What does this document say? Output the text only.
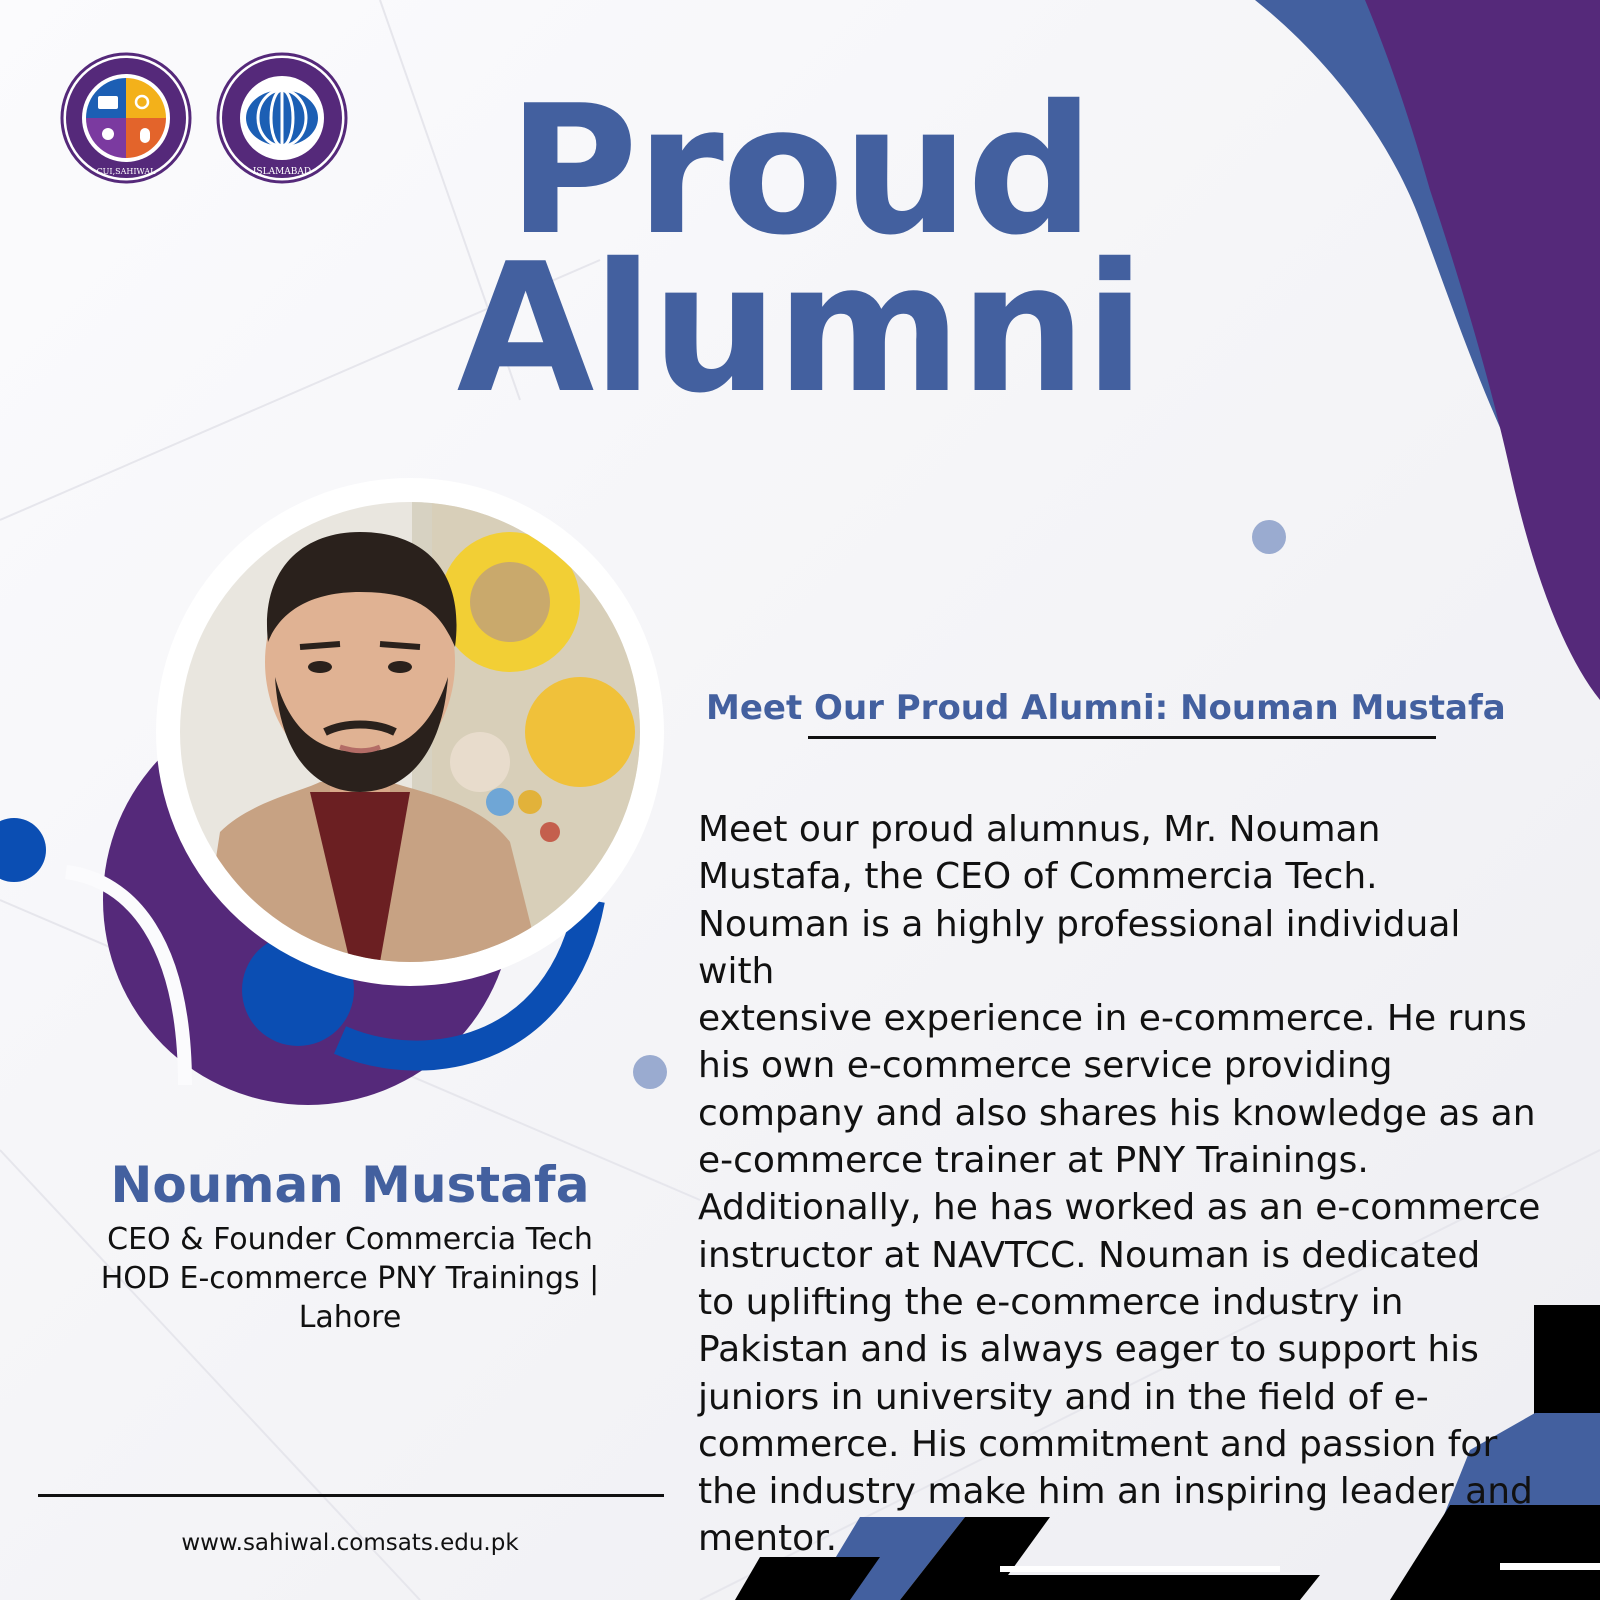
CUI,SAHIWAL	ISLAMABAD	Proud
Alumni
Meet Our Proud Alumni: Nouman Mustafa
Meet our proud alumnus, Mr. Nouman
Mustafa, the CEO of Commercia Tech.
Nouman is a highly professional individual with
extensive experience in e-commerce. He runs
his own e-commerce service providing
company and also shares his knowledge as an
e-commerce trainer at PNY Trainings.
Additionally, he has worked as an e-commerce
instructor at NAVTCC. Nouman is dedicated
to uplifting the e-commerce industry in
Pakistan and is always eager to support his
juniors in university and in the field of e-
commerce. His commitment and passion for
the industry make him an inspiring leader and
mentor.
Nouman Mustafa
CEO & Founder Commercia Tech
HOD E-commerce PNY Trainings |
Lahore
www.sahiwal.comsats.edu.pk
